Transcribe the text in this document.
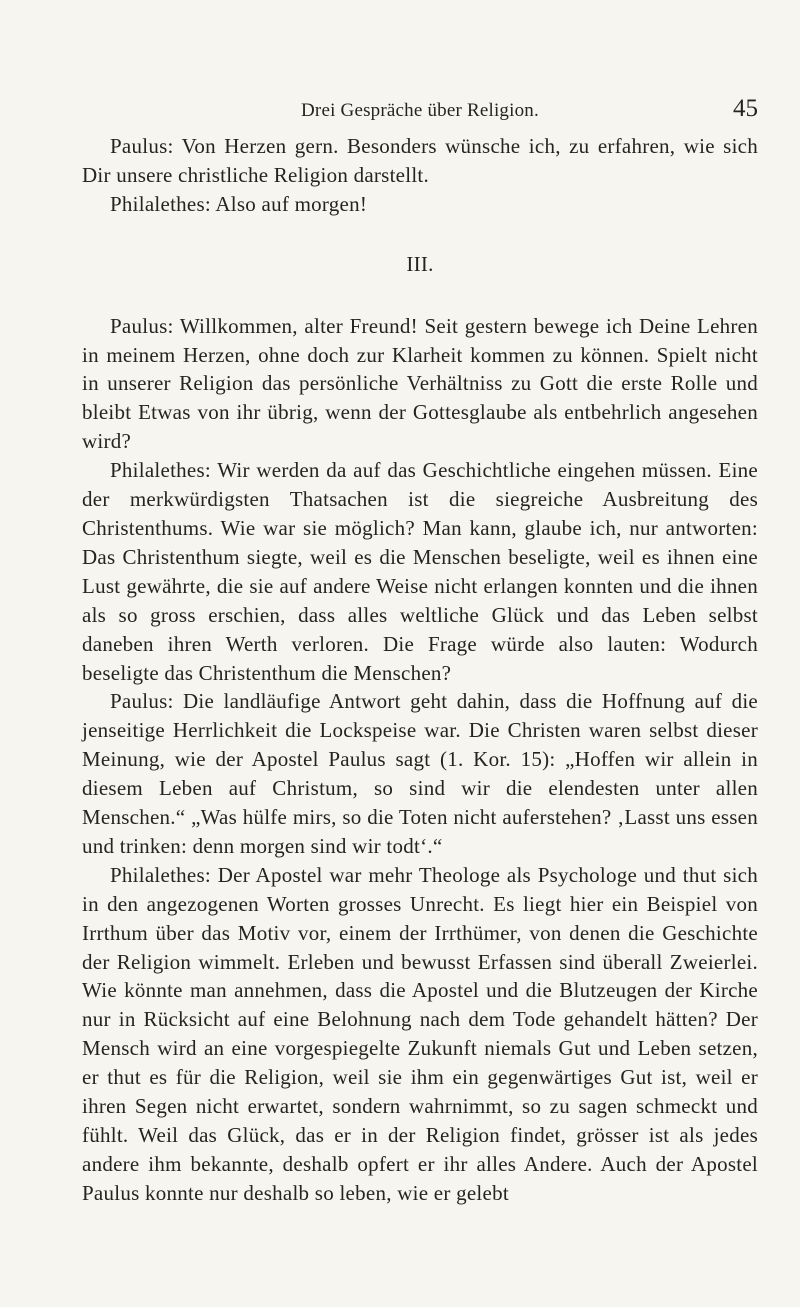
Drei Gespräche über Religion.	45

Paulus: Von Herzen gern. Besonders wünsche ich, zu erfahren, wie sich Dir unsere christliche Religion darstellt.

Philalethes: Also auf morgen!

III.

Paulus: Willkommen, alter Freund! Seit gestern bewege ich Deine Lehren in meinem Herzen, ohne doch zur Klarheit kommen zu können. Spielt nicht in unserer Religion das persönliche Verhältniss zu Gott die erste Rolle und bleibt Etwas von ihr übrig, wenn der Gottesglaube als entbehrlich angesehen wird?

Philalethes: Wir werden da auf das Geschichtliche eingehen müssen. Eine der merkwürdigsten Thatsachen ist die siegreiche Ausbreitung des Christenthums. Wie war sie möglich? Man kann, glaube ich, nur antworten: Das Christenthum siegte, weil es die Menschen beseligte, weil es ihnen eine Lust gewährte, die sie auf andere Weise nicht erlangen konnten und die ihnen als so gross erschien, dass alles weltliche Glück und das Leben selbst daneben ihren Werth verloren. Die Frage würde also lauten: Wodurch beseligte das Christenthum die Menschen?

Paulus: Die landläufige Antwort geht dahin, dass die Hoffnung auf die jenseitige Herrlichkeit die Lockspeise war. Die Christen waren selbst dieser Meinung, wie der Apostel Paulus sagt (1. Kor. 15): „Hoffen wir allein in diesem Leben auf Christum, so sind wir die elendesten unter allen Menschen.“ „Was hülfe mirs, so die Toten nicht auferstehen? ‚Lasst uns essen und trinken: denn morgen sind wir todt‘.“

Philalethes: Der Apostel war mehr Theologe als Psychologe und thut sich in den angezogenen Worten grosses Unrecht. Es liegt hier ein Beispiel von Irrthum über das Motiv vor, einem der Irrthümer, von denen die Geschichte der Religion wimmelt. Erleben und bewusst Erfassen sind überall Zweierlei. Wie könnte man annehmen, dass die Apostel und die Blutzeugen der Kirche nur in Rücksicht auf eine Belohnung nach dem Tode gehandelt hätten? Der Mensch wird an eine vorgespiegelte Zukunft niemals Gut und Leben setzen, er thut es für die Religion, weil sie ihm ein gegenwärtiges Gut ist, weil er ihren Segen nicht erwartet, sondern wahrnimmt, so zu sagen schmeckt und fühlt. Weil das Glück, das er in der Religion findet, grösser ist als jedes andere ihm bekannte, deshalb opfert er ihr alles Andere. Auch der Apostel Paulus konnte nur deshalb so leben, wie er gelebt
